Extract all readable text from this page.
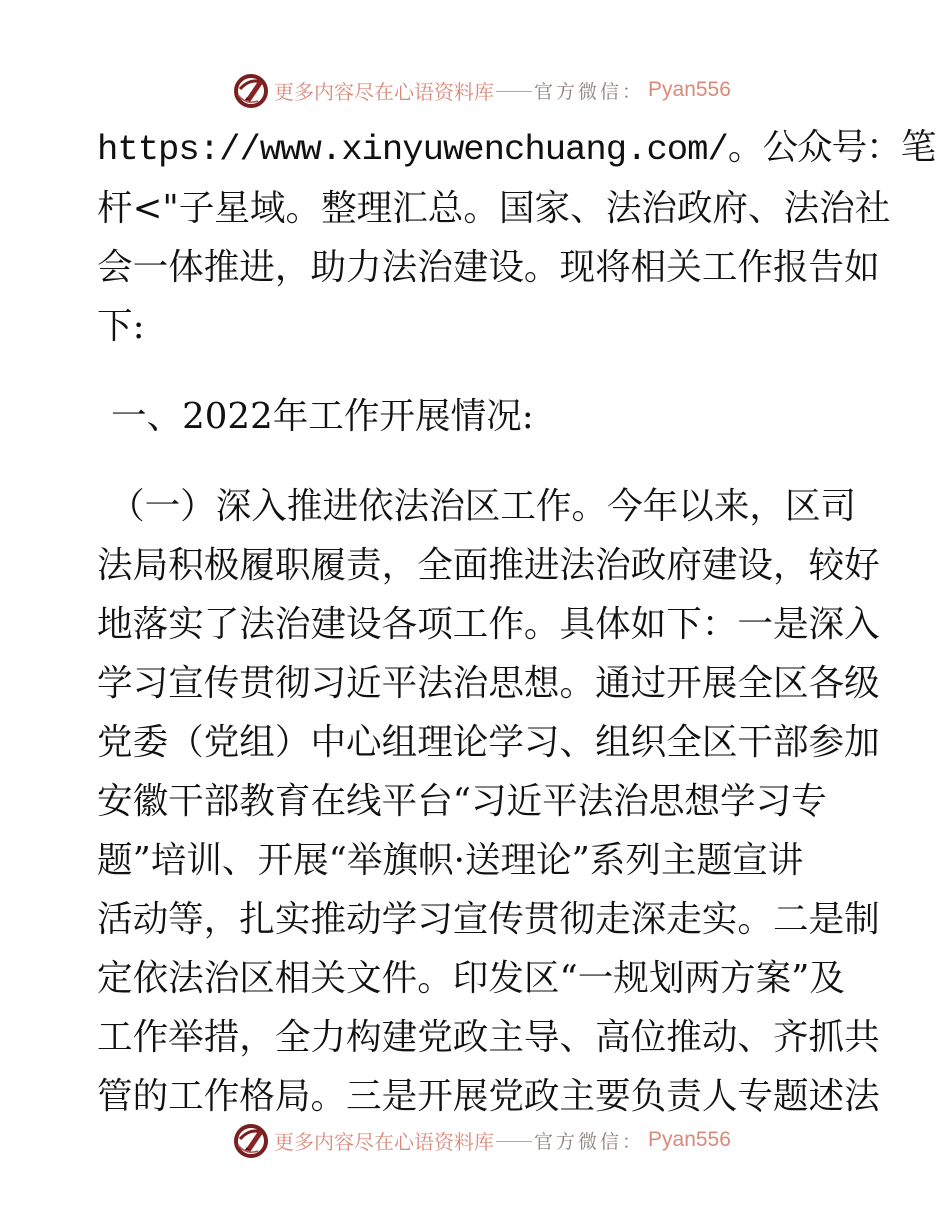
更多内容尽在心语资料库 官方微信： Pyan556
https://www.xinyuwenchuang.com/。公众号：笔
杆<"子星域。整理汇总。国家、法治政府、法治社
会一体推进，助力法治建设。现将相关工作报告如
下:
一、2022年工作开展情况:
（一）深入推进依法治区工作。今年以来，区司
法局积极履职履责，全面推进法治政府建设，较好
地落实了法治建设各项工作。具体如下：一是深入
学习宣传贯彻习近平法治思想。通过开展全区各级
党委（党组）中心组理论学习、组织全区干部参加
安徽干部教育在线平台“习近平法治思想学习专
题”培训、开展“举旗帜·送理论”系列主题宣讲
活动等，扎实推动学习宣传贯彻走深走实。二是制
定依法治区相关文件。印发区“一规划两方案”及
工作举措，全力构建党政主导、高位推动、齐抓共
管的工作格局。三是开展党政主要负责人专题述法
更多内容尽在心语资料库 官方微信： Pyan556
